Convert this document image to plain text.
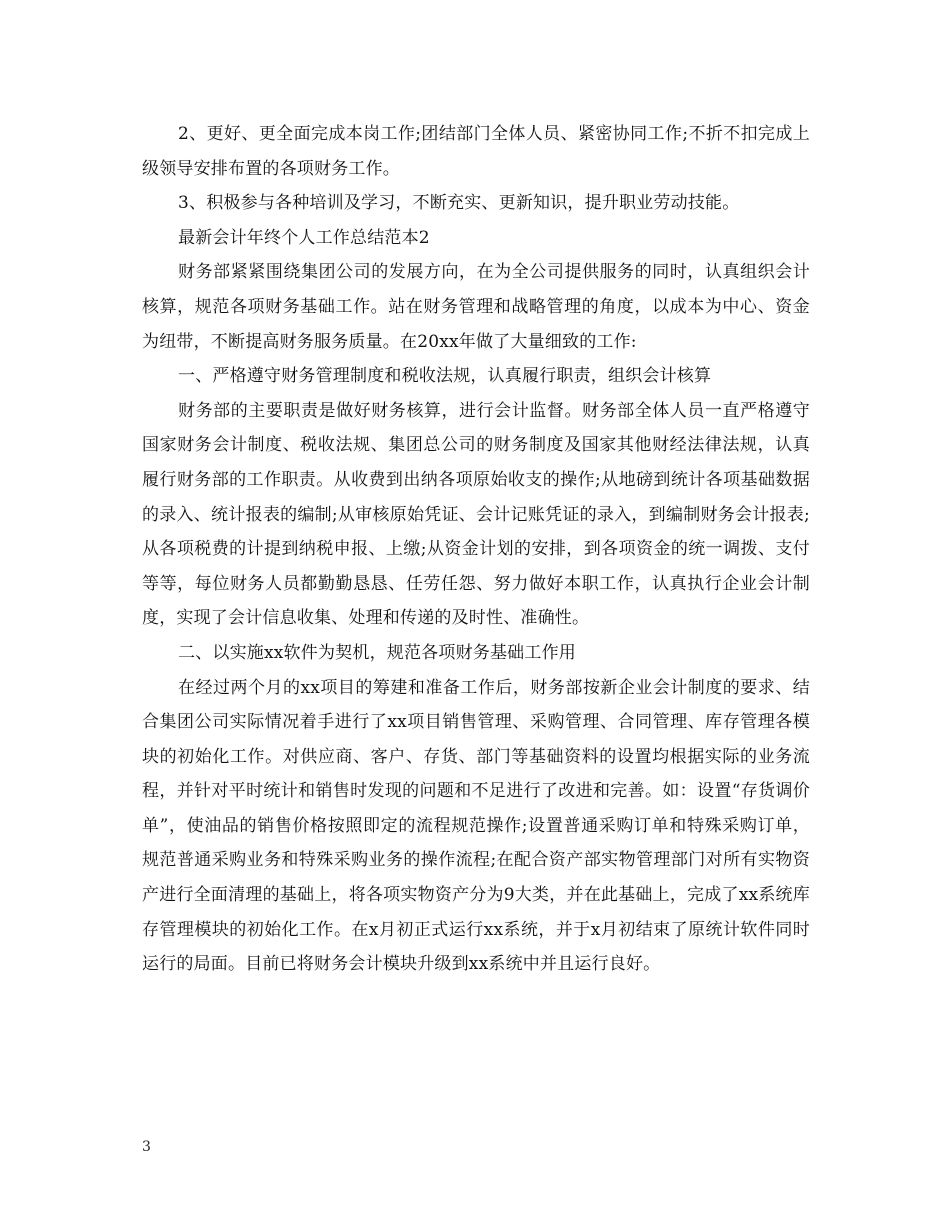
2、更好、更全面完成本岗工作;团结部门全体人员、紧密协同工作;不折不扣完成上级领导安排布置的各项财务工作。

3、积极参与各种培训及学习，不断充实、更新知识，提升职业劳动技能。

最新会计年终个人工作总结范本2

财务部紧紧围绕集团公司的发展方向，在为全公司提供服务的同时，认真组织会计核算，规范各项财务基础工作。站在财务管理和战略管理的角度，以成本为中心、资金为纽带，不断提高财务服务质量。在20xx年做了大量细致的工作:

一、严格遵守财务管理制度和税收法规，认真履行职责，组织会计核算

财务部的主要职责是做好财务核算，进行会计监督。财务部全体人员一直严格遵守国家财务会计制度、税收法规、集团总公司的财务制度及国家其他财经法律法规，认真履行财务部的工作职责。从收费到出纳各项原始收支的操作;从地磅到统计各项基础数据的录入、统计报表的编制;从审核原始凭证、会计记账凭证的录入，到编制财务会计报表;从各项税费的计提到纳税申报、上缴;从资金计划的安排，到各项资金的统一调拨、支付等等，每位财务人员都勤勤恳恳、任劳任怨、努力做好本职工作，认真执行企业会计制度，实现了会计信息收集、处理和传递的及时性、准确性。

二、以实施xx软件为契机，规范各项财务基础工作用

在经过两个月的xx项目的筹建和准备工作后，财务部按新企业会计制度的要求、结合集团公司实际情况着手进行了xx项目销售管理、采购管理、合同管理、库存管理各模块的初始化工作。对供应商、客户、存货、部门等基础资料的设置均根据实际的业务流程，并针对平时统计和销售时发现的问题和不足进行了改进和完善。如：设置“存货调价单”，使油品的销售价格按照即定的流程规范操作;设置普通采购订单和特殊采购订单，规范普通采购业务和特殊采购业务的操作流程;在配合资产部实物管理部门对所有实物资产进行全面清理的基础上，将各项实物资产分为9大类，并在此基础上，完成了xx系统库存管理模块的初始化工作。在x月初正式运行xx系统，并于x月初结束了原统计软件同时运行的局面。目前已将财务会计模块升级到xx系统中并且运行良好。

3
